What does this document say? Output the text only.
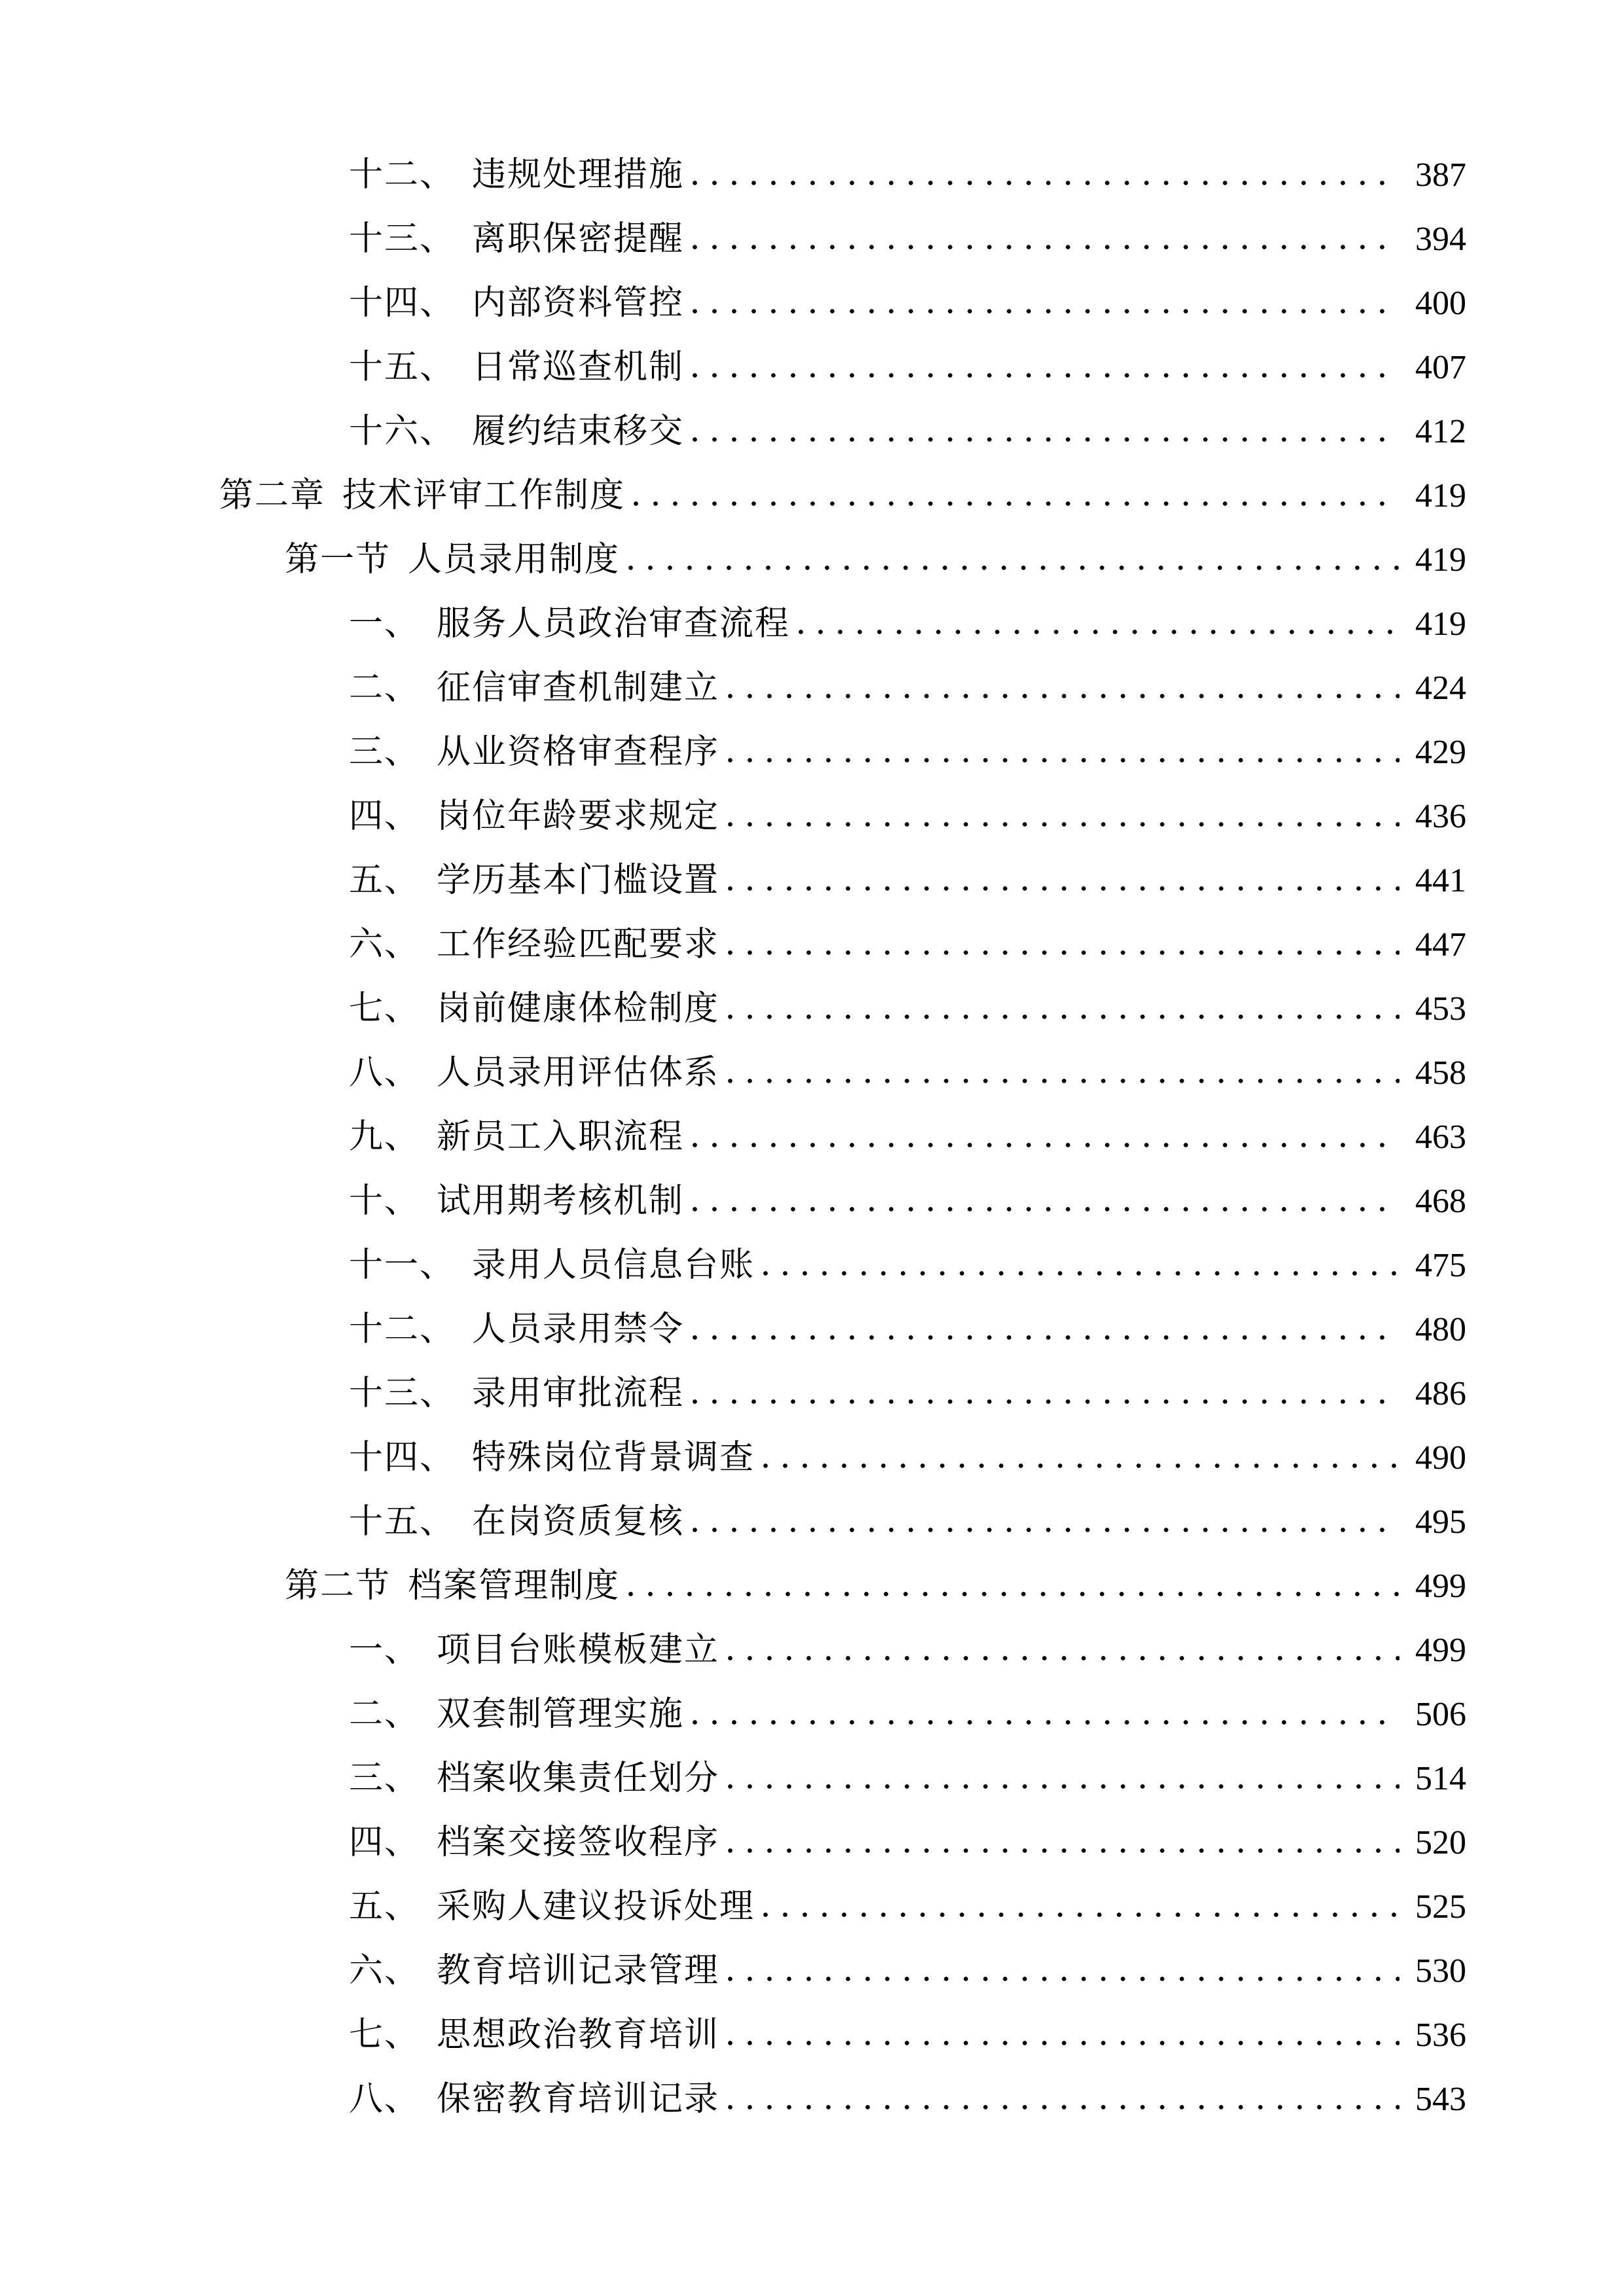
十二、 违规处理措施	387
十三、 离职保密提醒	394
十四、 内部资料管控	400
十五、 日常巡查机制	407
十六、 履约结束移交	412
第二章 技术评审工作制度	419
第一节 人员录用制度	419
一、 服务人员政治审查流程	419
二、 征信审查机制建立	424
三、 从业资格审查程序	429
四、 岗位年龄要求规定	436
五、 学历基本门槛设置	441
六、 工作经验匹配要求	447
七、 岗前健康体检制度	453
八、 人员录用评估体系	458
九、 新员工入职流程	463
十、 试用期考核机制	468
十一、 录用人员信息台账	475
十二、 人员录用禁令	480
十三、 录用审批流程	486
十四、 特殊岗位背景调查	490
十五、 在岗资质复核	495
第二节 档案管理制度	499
一、 项目台账模板建立	499
二、 双套制管理实施	506
三、 档案收集责任划分	514
四、 档案交接签收程序	520
五、 采购人建议投诉处理	525
六、 教育培训记录管理	530
七、 思想政治教育培训	536
八、 保密教育培训记录	543
